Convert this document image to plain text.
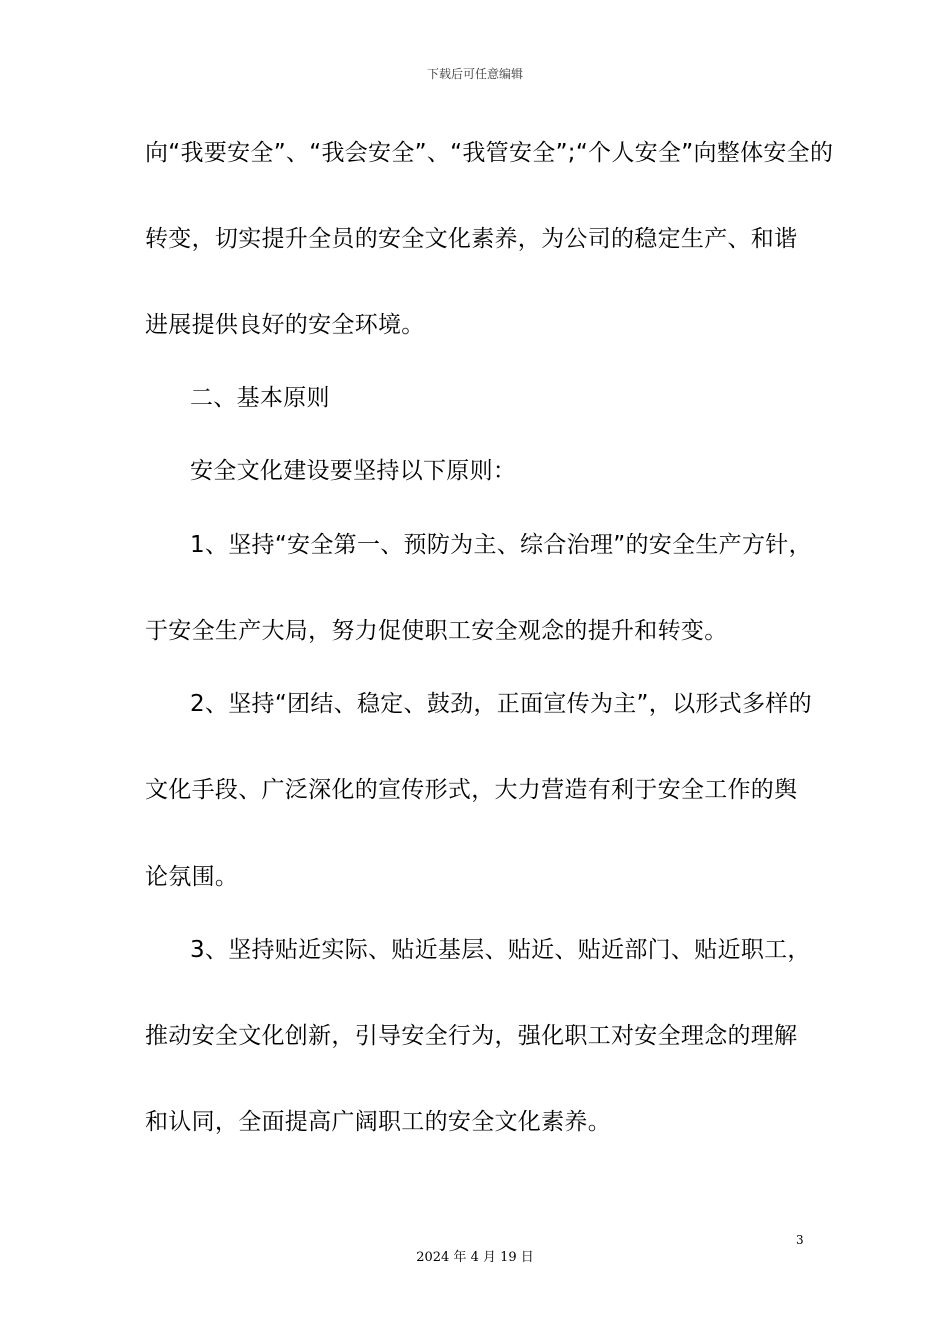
下载后可任意编辑
向“我要安全”、“我会安全”、“我管安全”;“个人安全”向整体安全的
转变，切实提升全员的安全文化素养，为公司的稳定生产、和谐
进展提供良好的安全环境。
二、基本原则
安全文化建设要坚持以下原则：
1、坚持“安全第一、预防为主、综合治理”的安全生产方针，
于安全生产大局，努力促使职工安全观念的提升和转变。
2、坚持“团结、稳定、鼓劲，正面宣传为主”，以形式多样的
文化手段、广泛深化的宣传形式，大力营造有利于安全工作的舆
论氛围。
3、坚持贴近实际、贴近基层、贴近、贴近部门、贴近职工，
推动安全文化创新，引导安全行为，强化职工对安全理念的理解
和认同，全面提高广阔职工的安全文化素养。
3
2024 年 4 月 19 日
